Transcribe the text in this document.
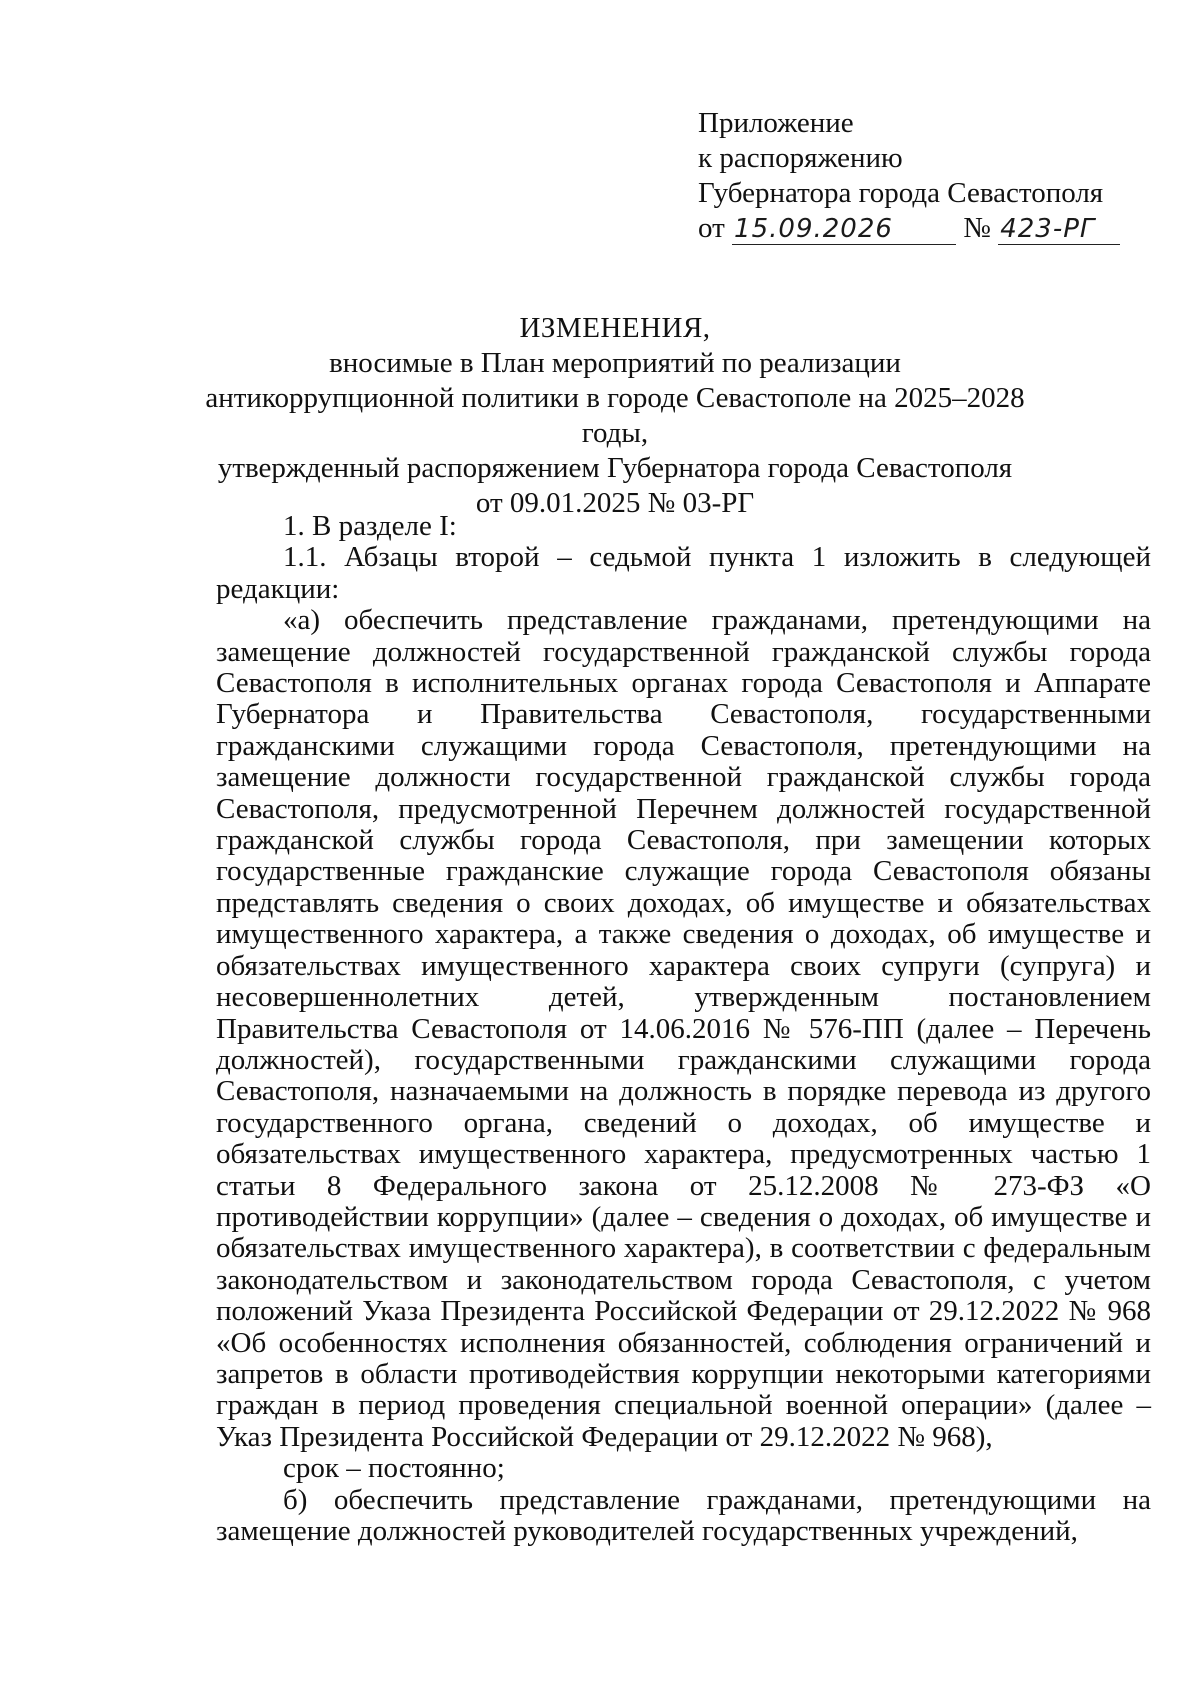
Приложение
к распоряжению
Губернатора города Севастополя
от 15.09.2026 № 423-РГ
ИЗМЕНЕНИЯ,
вносимые в План мероприятий по реализации
антикоррупционной политики в городе Севастополе на 2025–2028 годы,
утвержденный распоряжением Губернатора города Севастополя
от 09.01.2025 № 03-РГ

1. В разделе I:

1.1. Абзацы второй – седьмой пункта 1 изложить в следующей редакции:

«а) обеспечить представление гражданами, претендующими на замещение должностей государственной гражданской службы города Севастополя в исполнительных органах города Севастополя и Аппарате Губернатора и Правительства Севастополя, государственными гражданскими служащими города Севастополя, претендующими на замещение должности государственной гражданской службы города Севастополя, предусмотренной Перечнем должностей государственной гражданской службы города Севастополя, при замещении которых государственные гражданские служащие города Севастополя обязаны представлять сведения о своих доходах, об имуществе и обязательствах имущественного характера, а также сведения о доходах, об имуществе и обязательствах имущественного характера своих супруги (супруга) и несовершеннолетних детей, утвержденным постановлением Правительства Севастополя от 14.06.2016 № 576-ПП (далее – Перечень должностей), государственными гражданскими служащими города Севастополя, назначаемыми на должность в порядке перевода из другого государственного органа, сведений о доходах, об имуществе и обязательствах имущественного характера, предусмотренных частью 1 статьи 8 Федерального закона от 25.12.2008 № 273-ФЗ «О противодействии коррупции» (далее – сведения о доходах, об имуществе и обязательствах имущественного характера), в соответствии с федеральным законодательством и законодательством города Севастополя, с учетом положений Указа Президента Российской Федерации от 29.12.2022 № 968 «Об особенностях исполнения обязанностей, соблюдения ограничений и запретов в области противодействия коррупции некоторыми категориями граждан в период проведения специальной военной операции» (далее – Указ Президента Российской Федерации от 29.12.2022 № 968),

срок – постоянно;

б) обеспечить представление гражданами, претендующими на замещение должностей руководителей государственных учреждений,
